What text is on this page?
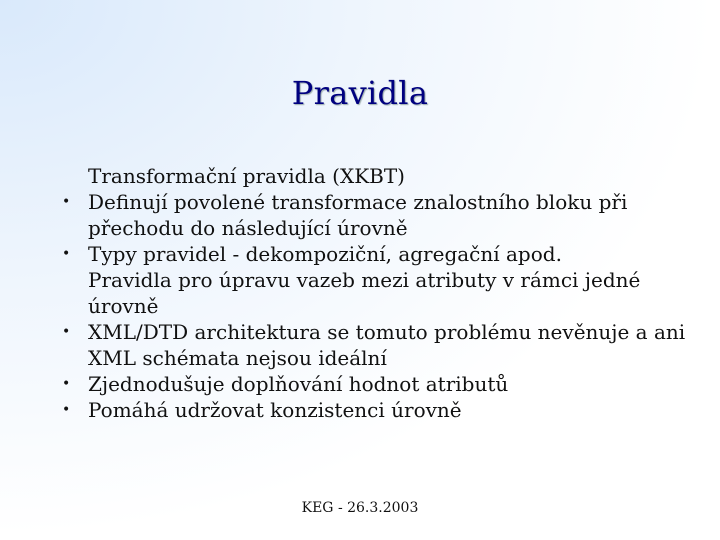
Pravidla
Transformační pravidla (XKBT)
• Definují povolené transformace znalostního bloku při přechodu do následující úrovně
• Typy pravidel - dekompoziční, agregační apod.
Pravidla pro úpravu vazeb mezi atributy v rámci jedné úrovně
• XML/DTD architektura se tomuto problému nevěnuje a ani XML schémata nejsou ideální
• Zjednodušuje doplňování hodnot atributů
• Pomáhá udržovat konzistenci úrovně
KEG - 26.3.2003
